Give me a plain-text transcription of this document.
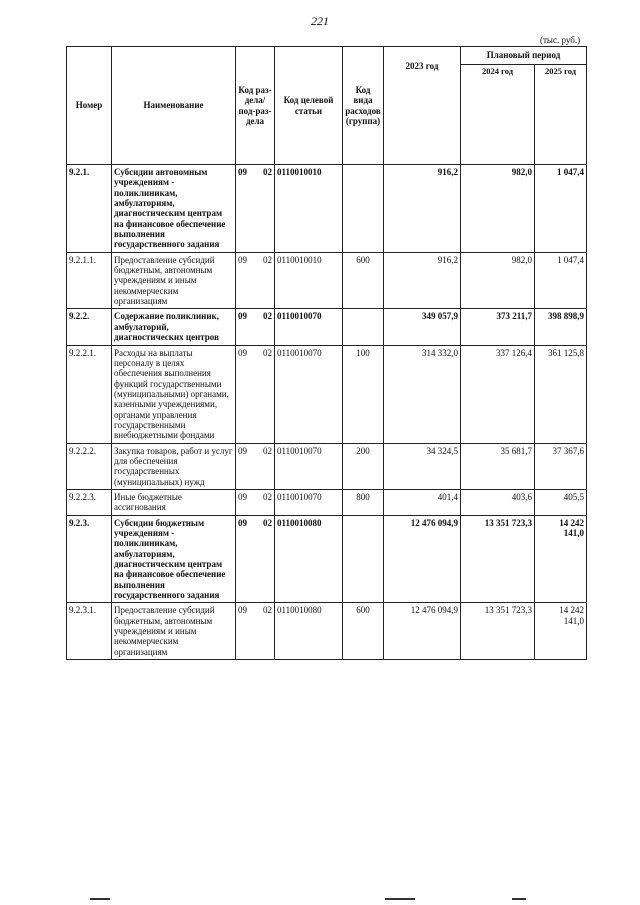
221
(тыс. руб.)
Номер	Наименование	Код раз-дела/ под-раз-дела	Код целевой статьи	Код вида расходов (группа)	2023 год	Плановый период	
						2024 год	2025 год
9.2.1.	Субсидии автономным учреждениям - поликлиникам, амбулаториям, диагностическим центрам на финансовое обеспечение выполнения государственного задания	09 02	0110010010		916,2	982,0	1 047,4
9.2.1.1.	Предоставление субсидий бюджетным, автономным учреждениям и иным некоммерческим организациям	09 02	0110010010	600	916,2	982,0	1 047,4
9.2.2.	Содержание поликлиник, амбулаторий, диагностических центров	09 02	0110010070		349 057,9	373 211,7	398 898,9
9.2.2.1.	Расходы на выплаты персоналу в целях обеспечения выполнения функций государственными (муниципальными) органами, казенными учреждениями, органами управления государственными внебюджетными фондами	09 02	0110010070	100	314 332,0	337 126,4	361 125,8
9.2.2.2.	Закупка товаров, работ и услуг для обеспечения государственных (муниципальных) нужд	09 02	0110010070	200	34 324,5	35 681,7	37 367,6
9.2.2.3.	Иные бюджетные ассигнования	09 02	0110010070	800	401,4	403,6	405,5
9.2.3.	Субсидии бюджетным учреждениям - поликлиникам, амбулаториям, диагностическим центрам на финансовое обеспечение выполнения государственного задания	09 02	0110010080		12 476 094,9	13 351 723,3	14 242 141,0
9.2.3.1.	Предоставление субсидий бюджетным, автономным учреждениям и иным некоммерческим организациям	09 02	0110010080	600	12 476 094,9	13 351 723,3	14 242 141,0
